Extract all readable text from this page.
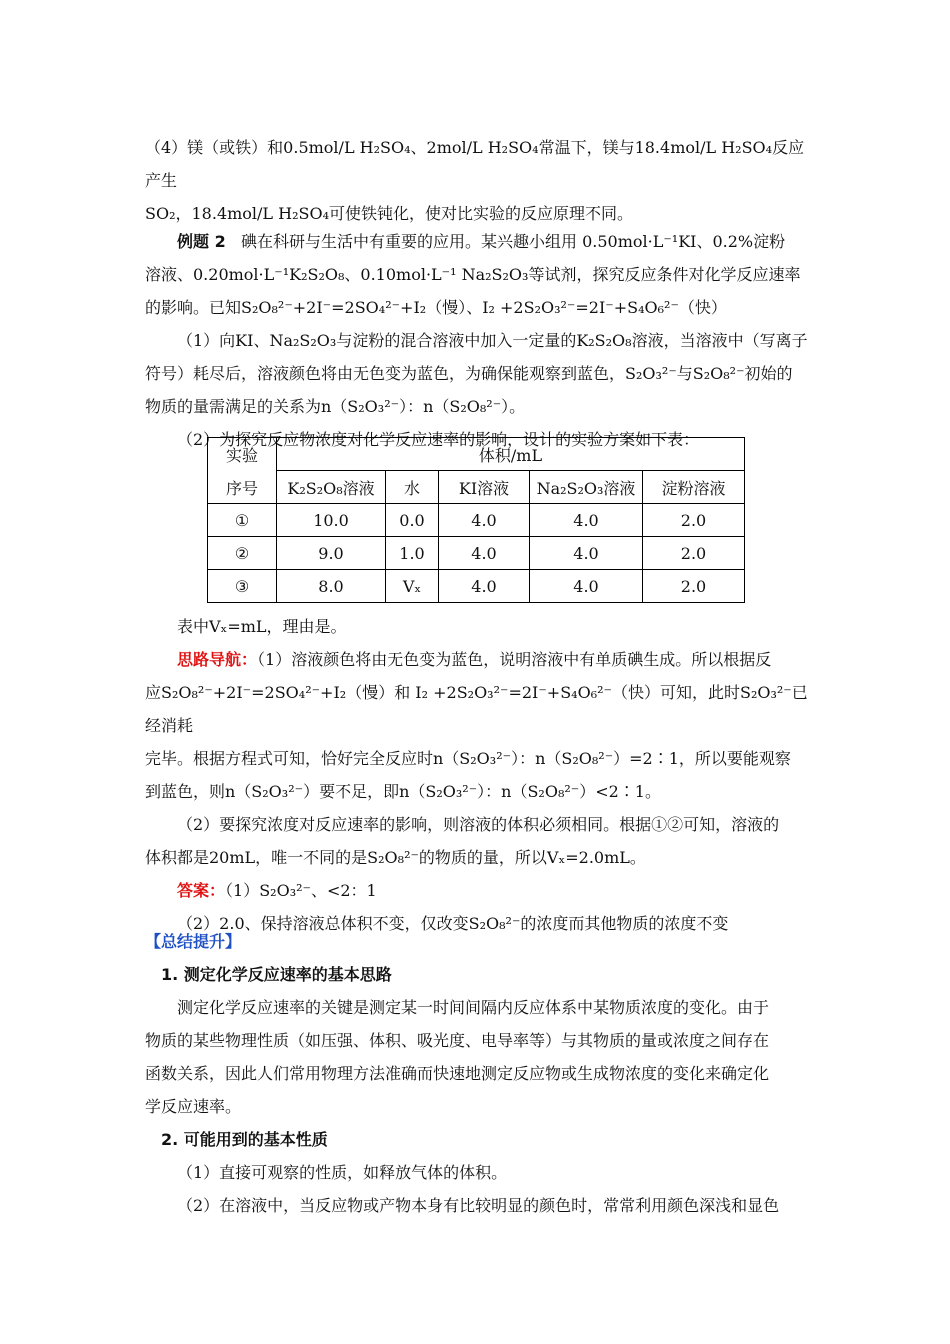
（4）镁（或铁）和0.5mol/L H₂SO₄、2mol/L H₂SO₄常温下，镁与18.4mol/L H₂SO₄反应产生
SO₂，18.4mol/L H₂SO₄可使铁钝化，使对比实验的反应原理不同。
例题 2 碘在科研与生活中有重要的应用。某兴趣小组用 0.50mol·L⁻¹KI、0.2%淀粉
溶液、0.20mol·L⁻¹K₂S₂O₈、0.10mol·L⁻¹ Na₂S₂O₃等试剂，探究反应条件对化学反应速率
的影响。已知S₂O₈²⁻+2I⁻=2SO₄²⁻+I₂（慢）、I₂ +2S₂O₃²⁻=2I⁻+S₄O₆²⁻（快）
（1）向KI、Na₂S₂O₃与淀粉的混合溶液中加入一定量的K₂S₂O₈溶液，当溶液中（写离子
符号）耗尽后，溶液颜色将由无色变为蓝色，为确保能观察到蓝色，S₂O₃²⁻与S₂O₈²⁻初始的
物质的量需满足的关系为n（S₂O₃²⁻）：n（S₂O₈²⁻）。
（2）为探究反应物浓度对化学反应速率的影响，设计的实验方案如下表：
实验
序号	体积/mL				
	K₂S₂O₈溶液	水	KI溶液	Na₂S₂O₃溶液	淀粉溶液
①	10.0	0.0	4.0	4.0	2.0
②	9.0	1.0	4.0	4.0	2.0
③	8.0	Vₓ	4.0	4.0	2.0
表中Vₓ=mL，理由是。
思路导航：（1）溶液颜色将由无色变为蓝色，说明溶液中有单质碘生成。所以根据反
应S₂O₈²⁻+2I⁻=2SO₄²⁻+I₂（慢）和 I₂ +2S₂O₃²⁻=2I⁻+S₄O₆²⁻（快）可知，此时S₂O₃²⁻已经消耗
完毕。根据方程式可知，恰好完全反应时n（S₂O₃²⁻）：n（S₂O₈²⁻）=2∶1，所以要能观察
到蓝色，则n（S₂O₃²⁻）要不足，即n（S₂O₃²⁻）：n（S₂O₈²⁻）<2∶1。
（2）要探究浓度对反应速率的影响，则溶液的体积必须相同。根据①②可知，溶液的
体积都是20mL，唯一不同的是S₂O₈²⁻的物质的量，所以Vₓ=2.0mL。
答案：（1）S₂O₃²⁻、<2：1
（2）2.0、保持溶液总体积不变，仅改变S₂O₈²⁻的浓度而其他物质的浓度不变
【总结提升】
1. 测定化学反应速率的基本思路
测定化学反应速率的关键是测定某一时间间隔内反应体系中某物质浓度的变化。由于
物质的某些物理性质（如压强、体积、吸光度、电导率等）与其物质的量或浓度之间存在
函数关系，因此人们常用物理方法准确而快速地测定反应物或生成物浓度的变化来确定化
学反应速率。
2. 可能用到的基本性质
（1）直接可观察的性质，如释放气体的体积。
（2）在溶液中，当反应物或产物本身有比较明显的颜色时，常常利用颜色深浅和显色
